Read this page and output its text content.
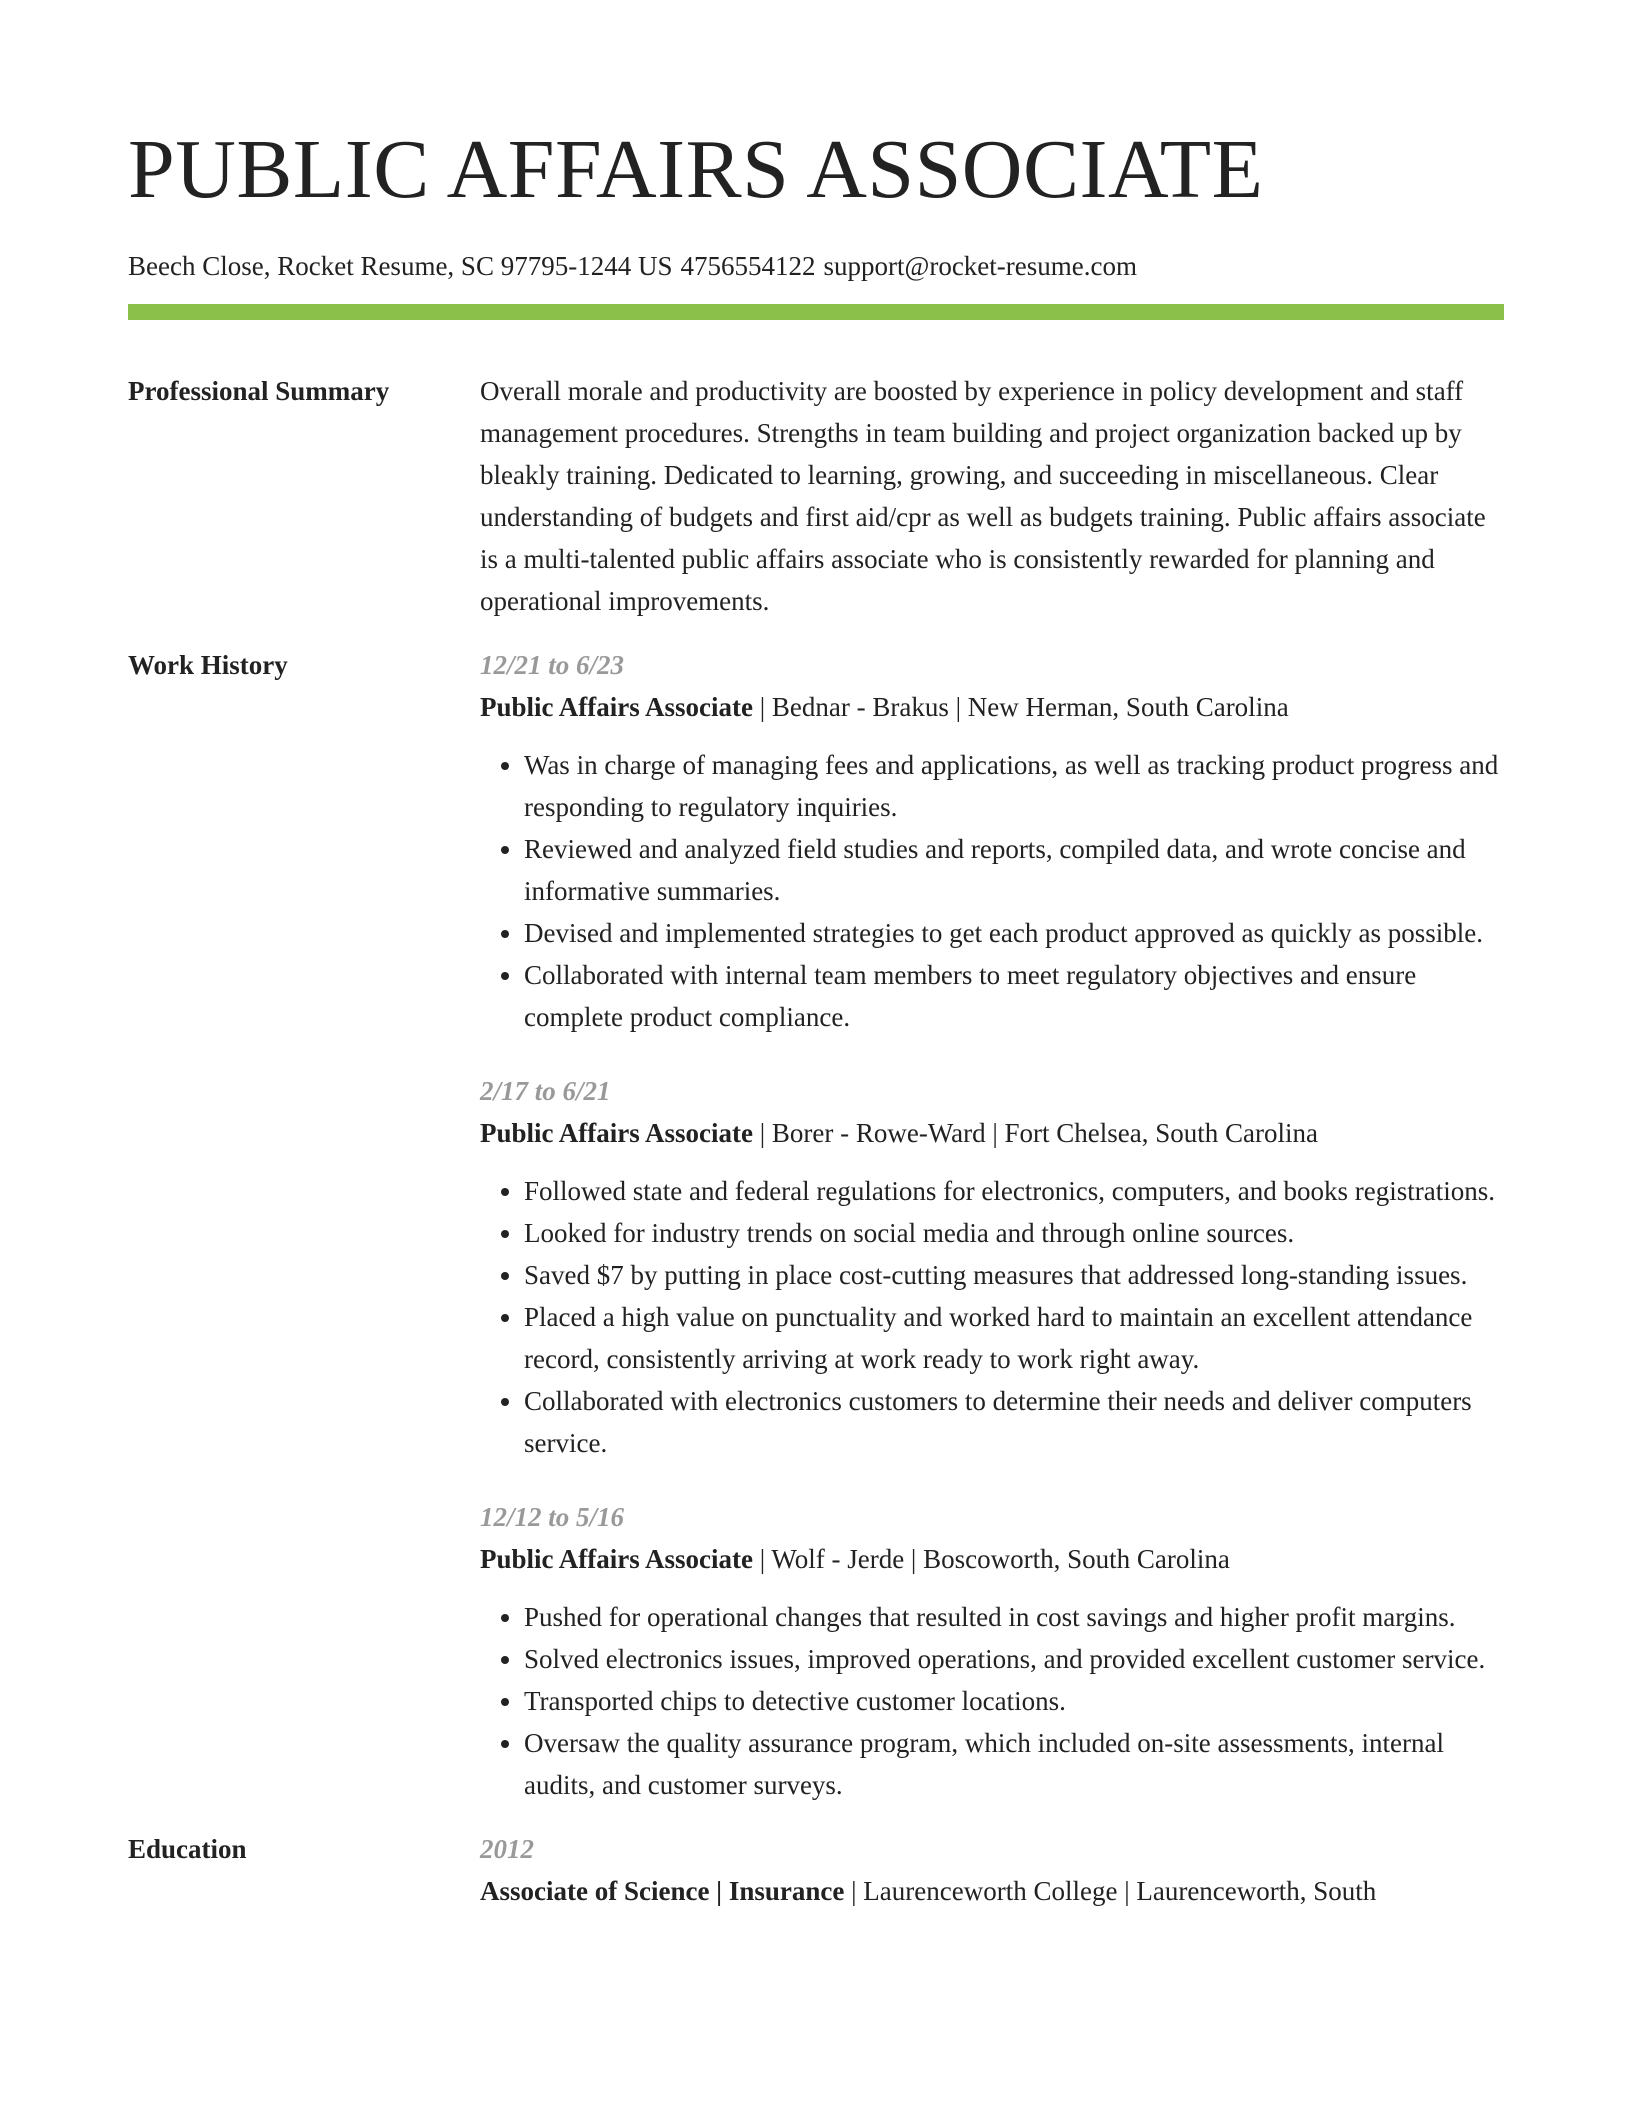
PUBLIC AFFAIRS ASSOCIATE
Beech Close, Rocket Resume, SC 97795-1244 US 4756554122 support@rocket-resume.com
Professional Summary	Overall morale and productivity are boosted by experience in policy development and staff management procedures. Strengths in team building and project organization backed up by bleakly training. Dedicated to learning, growing, and succeeding in miscellaneous. Clear understanding of budgets and first aid/cpr as well as budgets training. Public affairs associate is a multi-talented public affairs associate who is consistently rewarded for planning and operational improvements.
Work History	12/21 to 6/23
Public Affairs Associate | Bednar - Brakus | New Herman, South Carolina
• Was in charge of managing fees and applications, as well as tracking product progress and responding to regulatory inquiries.
• Reviewed and analyzed field studies and reports, compiled data, and wrote concise and informative summaries.
• Devised and implemented strategies to get each product approved as quickly as possible.
• Collaborated with internal team members to meet regulatory objectives and ensure complete product compliance.
2/17 to 6/21
Public Affairs Associate | Borer - Rowe-Ward | Fort Chelsea, South Carolina
• Followed state and federal regulations for electronics, computers, and books registrations.
• Looked for industry trends on social media and through online sources.
• Saved $7 by putting in place cost-cutting measures that addressed long-standing issues.
• Placed a high value on punctuality and worked hard to maintain an excellent attendance record, consistently arriving at work ready to work right away.
• Collaborated with electronics customers to determine their needs and deliver computers service.
12/12 to 5/16
Public Affairs Associate | Wolf - Jerde | Boscoworth, South Carolina
• Pushed for operational changes that resulted in cost savings and higher profit margins.
• Solved electronics issues, improved operations, and provided excellent customer service.
• Transported chips to detective customer locations.
• Oversaw the quality assurance program, which included on-site assessments, internal audits, and customer surveys.
Education	2012
Associate of Science | Insurance | Laurenceworth College | Laurenceworth, South
